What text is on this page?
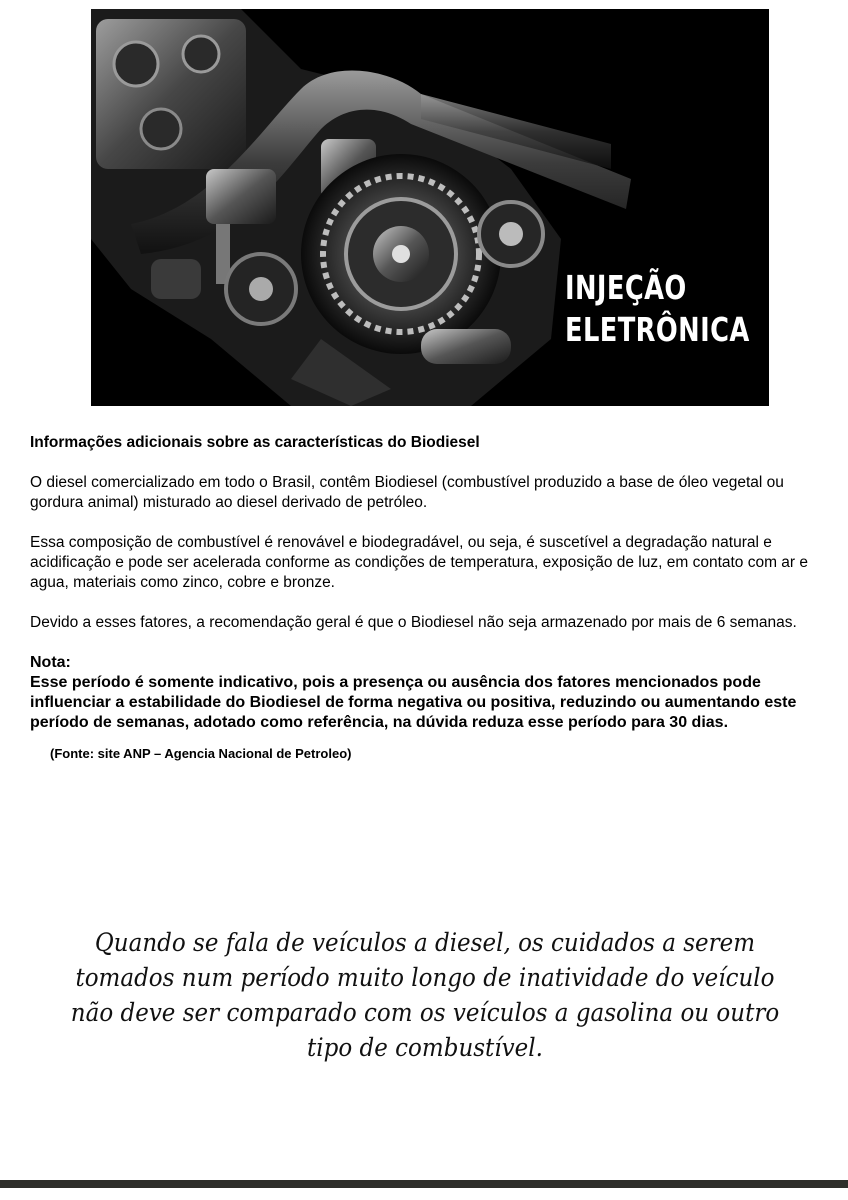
INJEÇÃO
ELETRÔNICA

Informações adicionais sobre as características do Biodiesel

O diesel comercializado em todo o Brasil, contêm Biodiesel (combustível produzido a base de óleo vegetal ou gordura animal) misturado ao diesel derivado de petróleo.

Essa composição de combustível é renovável e biodegradável, ou seja, é suscetível a degradação natural e acidificação e pode ser acelerada conforme as condições de temperatura, exposição de luz, em contato com ar e agua, materiais como zinco, cobre e bronze.

Devido a esses fatores, a recomendação geral é que o Biodiesel não seja armazenado por mais de 6 semanas.

Nota:

Esse período é somente indicativo, pois a presença ou ausência dos fatores mencionados pode influenciar a estabilidade do Biodiesel de forma negativa ou positiva, reduzindo ou aumentando este período de semanas, adotado como referência, na dúvida reduza esse período para 30 dias.

(Fonte: site ANP – Agencia Nacional de Petroleo)

Quando se fala de veículos a diesel, os cuidados a serem tomados num período muito longo de inatividade do veículo não deve ser comparado com os veículos a gasolina ou outro tipo de combustível.
